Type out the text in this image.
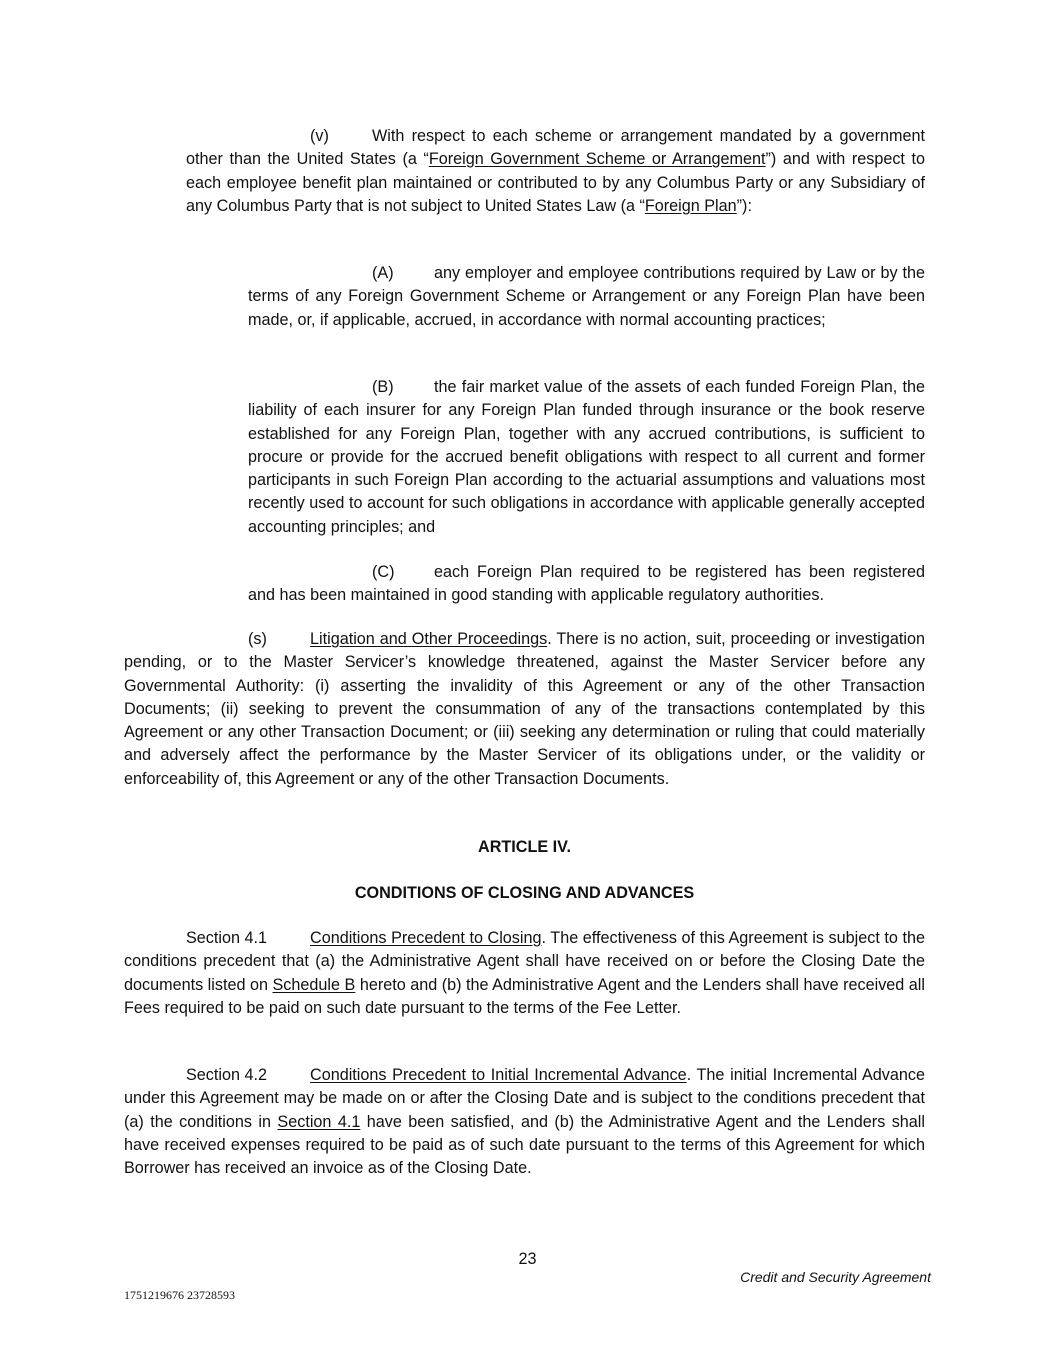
(v)	With respect to each scheme or arrangement mandated by a government other than the United States (a “Foreign Government Scheme or Arrangement”) and with respect to each employee benefit plan maintained or contributed to by any Columbus Party or any Subsidiary of any Columbus Party that is not subject to United States Law (a “Foreign Plan”):

(A) any employer and employee contributions required by Law or by the terms of any Foreign Government Scheme or Arrangement or any Foreign Plan have been made, or, if applicable, accrued, in accordance with normal accounting practices;

(B) the fair market value of the assets of each funded Foreign Plan, the liability of each insurer for any Foreign Plan funded through insurance or the book reserve established for any Foreign Plan, together with any accrued contributions, is sufficient to procure or provide for the accrued benefit obligations with respect to all current and former participants in such Foreign Plan according to the actuarial assumptions and valuations most recently used to account for such obligations in accordance with applicable generally accepted accounting principles; and

(C) each Foreign Plan required to be registered has been registered and has been maintained in good standing with applicable regulatory authorities.

(s)	Litigation and Other Proceedings. There is no action, suit, proceeding or investigation pending, or to the Master Servicer’s knowledge threatened, against the Master Servicer before any Governmental Authority: (i) asserting the invalidity of this Agreement or any of the other Transaction Documents; (ii) seeking to prevent the consummation of any of the transactions contemplated by this Agreement or any other Transaction Document; or (iii) seeking any determination or ruling that could materially and adversely affect the performance by the Master Servicer of its obligations under, or the validity or enforceability of, this Agreement or any of the other Transaction Documents.

ARTICLE IV.

CONDITIONS OF CLOSING AND ADVANCES

Section 4.1	Conditions Precedent to Closing. The effectiveness of this Agreement is subject to the conditions precedent that (a) the Administrative Agent shall have received on or before the Closing Date the documents listed on Schedule B hereto and (b) the Administrative Agent and the Lenders shall have received all Fees required to be paid on such date pursuant to the terms of the Fee Letter.

Section 4.2	Conditions Precedent to Initial Incremental Advance. The initial Incremental Advance under this Agreement may be made on or after the Closing Date and is subject to the conditions precedent that (a) the conditions in Section 4.1 have been satisfied, and (b) the Administrative Agent and the Lenders shall have received expenses required to be paid as of such date pursuant to the terms of this Agreement for which Borrower has received an invoice as of the Closing Date.

23
Credit and Security Agreement
1751219676 23728593
